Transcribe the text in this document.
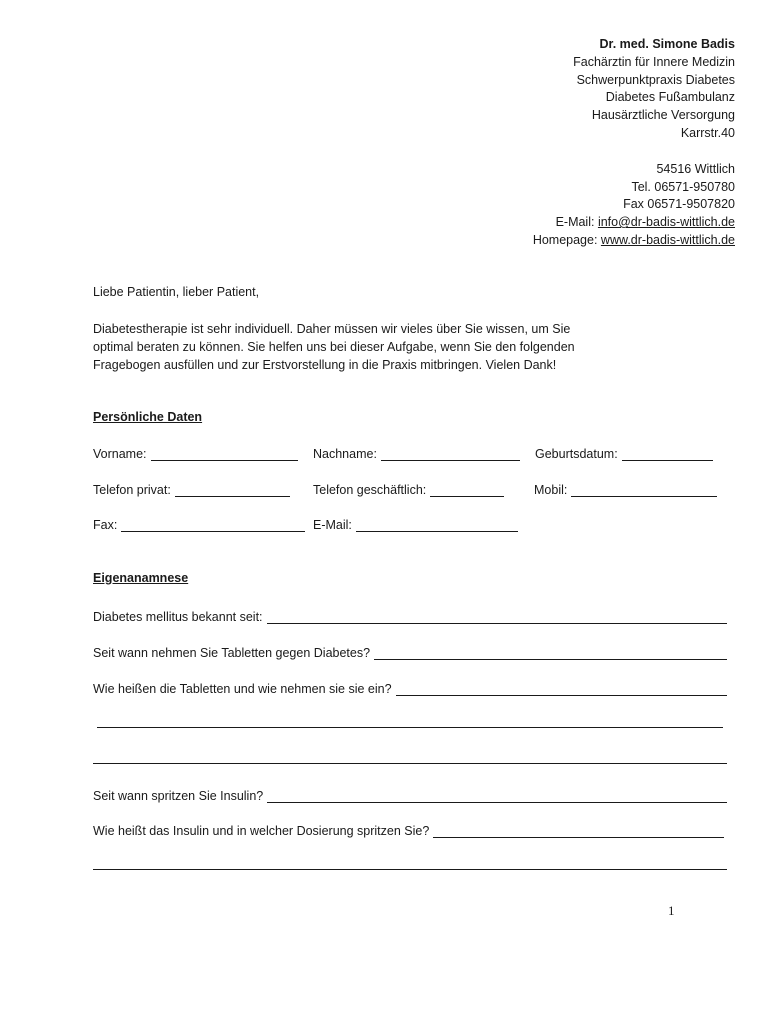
Dr. med. Simone Badis
Fachärztin für Innere Medizin
Schwerpunktpraxis Diabetes
Diabetes Fußambulanz
Hausärztliche Versorgung
Karrstr.40
54516 Wittlich
Tel. 06571-950780
Fax 06571-9507820
E-Mail: info@dr-badis-wittlich.de
Homepage: www.dr-badis-wittlich.de
Liebe Patientin, lieber Patient,
Diabetestherapie ist sehr individuell. Daher müssen wir vieles über Sie wissen, um Sie
optimal beraten zu können. Sie helfen uns bei dieser Aufgabe, wenn Sie den folgenden
Fragebogen ausfüllen und zur Erstvorstellung in die Praxis mitbringen. Vielen Dank!
Persönliche Daten
Vorname:	Nachname:	Geburtsdatum:
Telefon privat:	Telefon geschäftlich:	Mobil:
Fax:	E-Mail:
Eigenanamnese
Diabetes mellitus bekannt seit:
Seit wann nehmen Sie Tabletten gegen Diabetes?
Wie heißen die Tabletten und wie nehmen sie sie ein?
Seit wann spritzen Sie Insulin?
Wie heißt das Insulin und in welcher Dosierung spritzen Sie?
1
